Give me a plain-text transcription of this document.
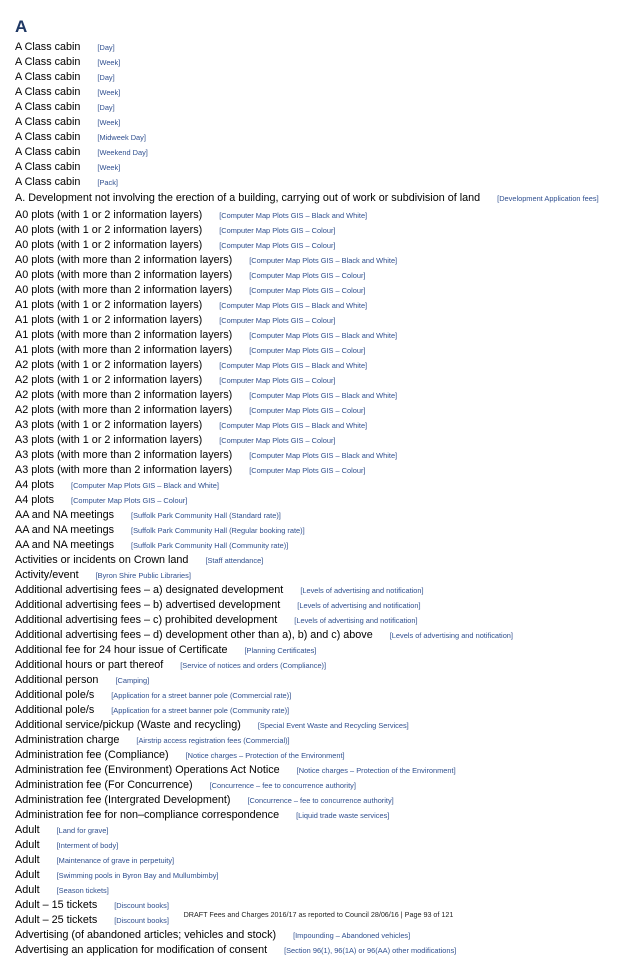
A
A Class cabin [Day]
A Class cabin [Week]
A Class cabin [Day]
A Class cabin [Week]
A Class cabin [Day]
A Class cabin [Week]
A Class cabin [Midweek Day]
A Class cabin [Weekend Day]
A Class cabin [Week]
A Class cabin [Pack]
A. Development not involving the erection of a building, carrying out of work or subdivision of land [Development Application fees]
A0 plots (with 1 or 2 information layers) [Computer Map Plots GIS – Black and White]
A0 plots (with 1 or 2 information layers) [Computer Map Plots GIS – Colour]
A0 plots (with 1 or 2 information layers) [Computer Map Plots GIS – Colour]
A0 plots (with more than 2 information layers) [Computer Map Plots GIS – Black and White]
A0 plots (with more than 2 information layers) [Computer Map Plots GIS – Colour]
A0 plots (with more than 2 information layers) [Computer Map Plots GIS – Colour]
A1 plots (with 1 or 2 information layers) [Computer Map Plots GIS – Black and White]
A1 plots (with 1 or 2 information layers) [Computer Map Plots GIS – Colour]
A1 plots (with more than 2 information layers) [Computer Map Plots GIS – Black and White]
A1 plots (with more than 2 information layers) [Computer Map Plots GIS – Colour]
A2 plots (with 1 or 2 information layers) [Computer Map Plots GIS – Black and White]
A2 plots (with 1 or 2 information layers) [Computer Map Plots GIS – Colour]
A2 plots (with more than 2 information layers) [Computer Map Plots GIS – Black and White]
A2 plots (with more than 2 information layers) [Computer Map Plots GIS – Colour]
A3 plots (with 1 or 2 information layers) [Computer Map Plots GIS – Black and White]
A3 plots (with 1 or 2 information layers) [Computer Map Plots GIS – Colour]
A3 plots (with more than 2 information layers) [Computer Map Plots GIS – Black and White]
A3 plots (with more than 2 information layers) [Computer Map Plots GIS – Colour]
A4 plots [Computer Map Plots GIS – Black and White]
A4 plots [Computer Map Plots GIS – Colour]
AA and NA meetings [Suffolk Park Community Hall (Standard rate)]
AA and NA meetings [Suffolk Park Community Hall (Regular booking rate)]
AA and NA meetings [Suffolk Park Community Hall (Community rate)]
Activities or incidents on Crown land [Staff attendance]
Activity/event [Byron Shire Public Libraries]
Additional advertising fees – a) designated development [Levels of advertising and notification]
Additional advertising fees – b) advertised development [Levels of advertising and notification]
Additional advertising fees – c) prohibited development [Levels of advertising and notification]
Additional advertising fees – d) development other than a), b) and c) above [Levels of advertising and notification]
Additional fee for 24 hour issue of Certificate [Planning Certificates]
Additional hours or part thereof [Service of notices and orders (Compliance)]
Additional person [Camping]
Additional pole/s [Application for a street banner pole (Commercial rate)]
Additional pole/s [Application for a street banner pole (Community rate)]
Additional service/pickup (Waste and recycling) [Special Event Waste and Recycling Services]
Administration charge [Airstrip access registration fees (Commercial)]
Administration fee (Compliance) [Notice charges – Protection of the Environment]
Administration fee (Environment) Operations Act Notice [Notice charges – Protection of the Environment]
Administration fee (For Concurrence) [Concurrence – fee to concurrence authority]
Administration fee (Intergrated Development) [Concurrence – fee to concurrence authority]
Administration fee for non–compliance correspondence [Liquid trade waste services]
Adult [Land for grave]
Adult [Interment of body]
Adult [Maintenance of grave in perpetuity]
Adult [Swimming pools in Byron Bay and Mullumbimby]
Adult [Season tickets]
Adult – 15 tickets [Discount books]
Adult – 25 tickets [Discount books]
Advertising (of abandoned articles; vehicles and stock) [Impounding – Abandoned vehicles]
Advertising an application for modification of consent [Section 96(1), 96(1A) or 96(AA) other modifications]
DRAFT Fees and Charges 2016/17 as reported to Council 28/06/16 | Page 93 of 121
